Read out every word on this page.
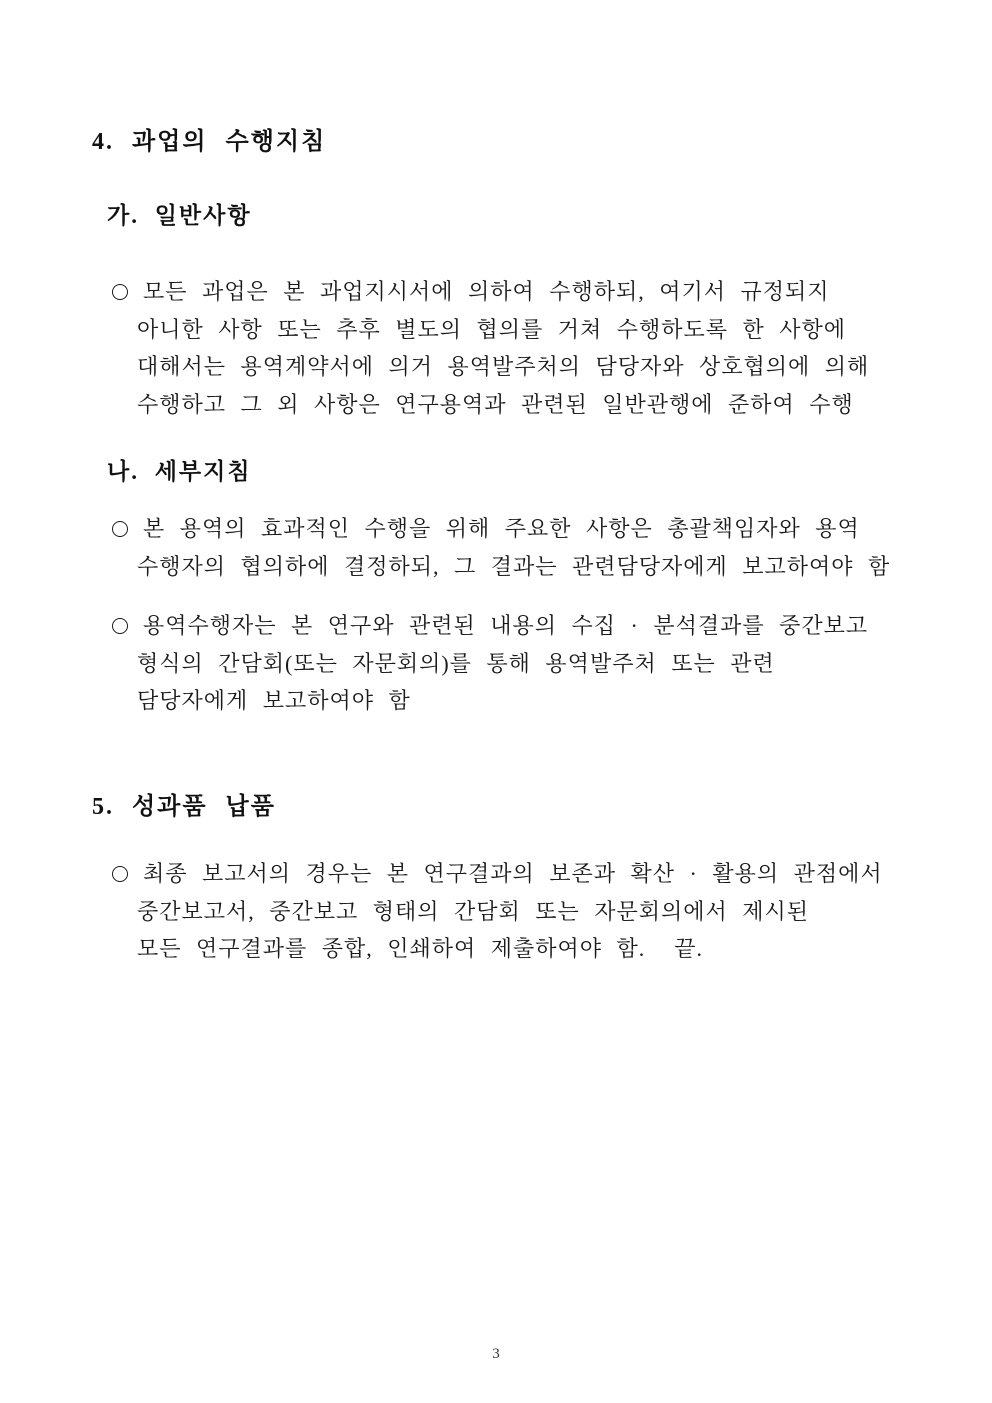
4. 과업의 수행지침
가. 일반사항
모든 과업은 본 과업지시서에 의하여 수행하되, 여기서 규정되지
아니한 사항 또는 추후 별도의 협의를 거쳐 수행하도록 한 사항에
대해서는 용역계약서에 의거 용역발주처의 담당자와 상호협의에 의해
수행하고 그 외 사항은 연구용역과 관련된 일반관행에 준하여 수행
나. 세부지침
본 용역의 효과적인 수행을 위해 주요한 사항은 총괄책임자와 용역
수행자의 협의하에 결정하되, 그 결과는 관련담당자에게 보고하여야 함
용역수행자는 본 연구와 관련된 내용의 수집 · 분석결과를 중간보고
형식의 간담회(또는 자문회의)를 통해 용역발주처 또는 관련
담당자에게 보고하여야 함
5. 성과품 납품
최종 보고서의 경우는 본 연구결과의 보존과 확산 · 활용의 관점에서
중간보고서, 중간보고 형태의 간담회 또는 자문회의에서 제시된
모든 연구결과를 종합, 인쇄하여 제출하여야 함.  끝.
3
